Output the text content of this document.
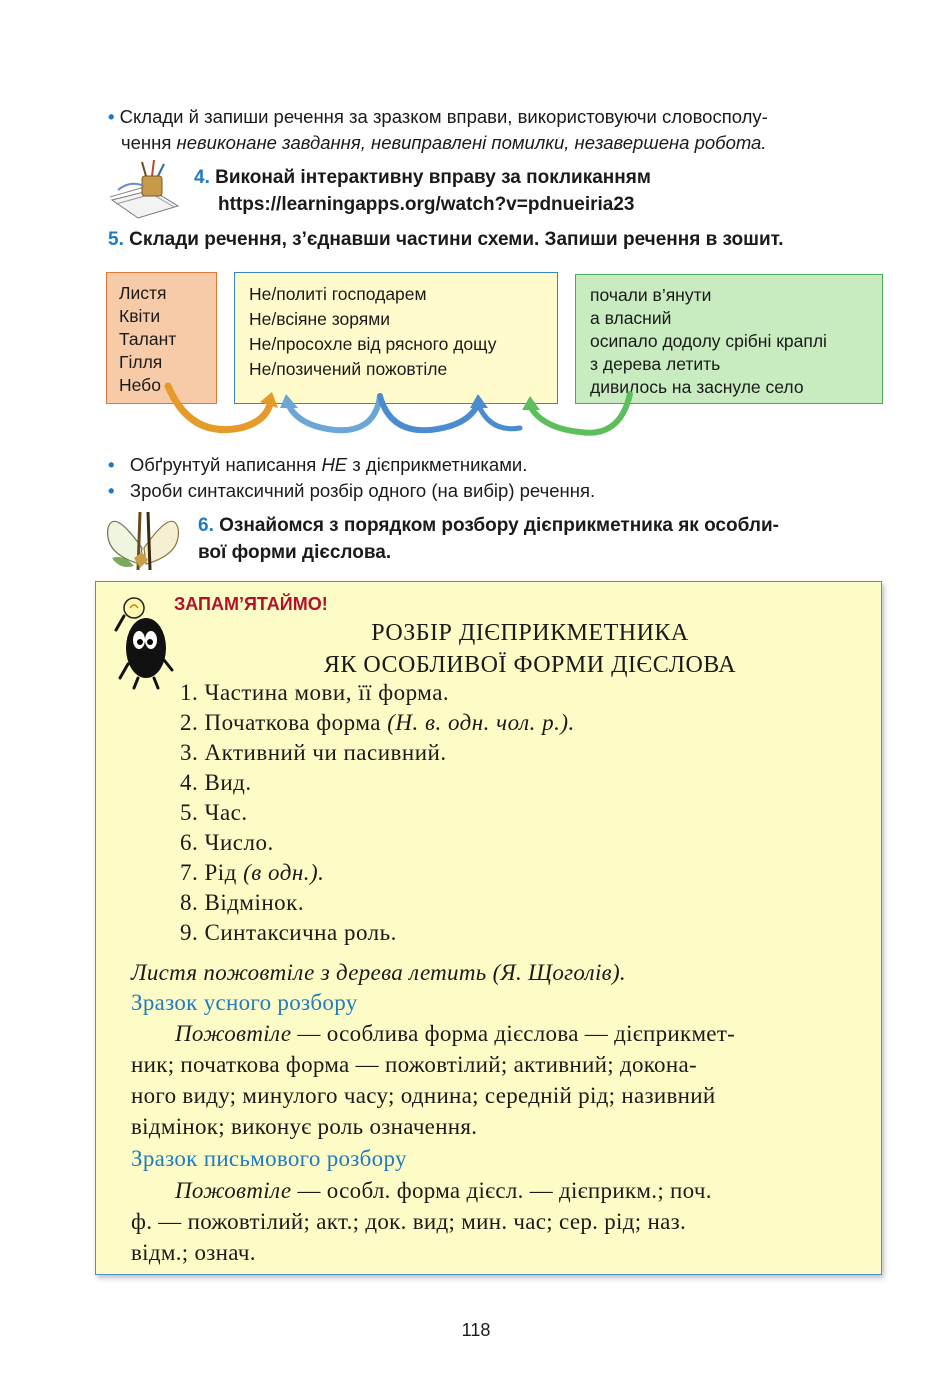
• Склади й запиши речення за зразком вправи, використовуючи словосполу-
чення невиконане завдання, невиправлені помилки, незавершена робота.
4. Виконай інтерактивну вправу за покликанням
https://learningapps.org/watch?v=pdnueiria23
5. Склади речення, з’єднавши частини схеми. Запиши речення в зошит.
Листя
Квіти
Талант
Гілля
Небо
Не/политі господарем
Не/всіяне зорями
Не/просохле від рясного дощу
Не/позичений пожовтіле
почали в’янути
а власний
осипало додолу срібні краплі
з дерева летить
дивилось на заснуле село
• Обґрунтуй написання НЕ з дієприкметниками.
• Зроби синтаксичний розбір одного (на вибір) речення.
6. Ознайомся з порядком розбору дієприкметника як особли-
вої форми дієслова.
ЗАПАМ’ЯТАЙМО!
РОЗБІР ДІЄПРИКМЕТНИКА
ЯК ОСОБЛИВОЇ ФОРМИ ДІЄСЛОВА
1. Частина мови, її форма.
2. Початкова форма (Н. в. одн. чол. р.).
3. Активний чи пасивний.
4. Вид.
5. Час.
6. Число.
7. Рід (в одн.).
8. Відмінок.
9. Синтаксична роль.
Листя пожовтіле з дерева летить (Я. Щоголів).
Зразок усного розбору
Пожовтіле — особлива форма дієслова — дієприкмет-
ник; початкова форма — пожовтілий; активний; докона-
ного виду; минулого часу; однина; середній рід; називний
відмінок; виконує роль означення.
Зразок письмового розбору
Пожовтіле — особл. форма дієсл. — дієприкм.; поч.
ф. — пожовтілий; акт.; док. вид; мин. час; сер. рід; наз.
відм.; означ.
118
